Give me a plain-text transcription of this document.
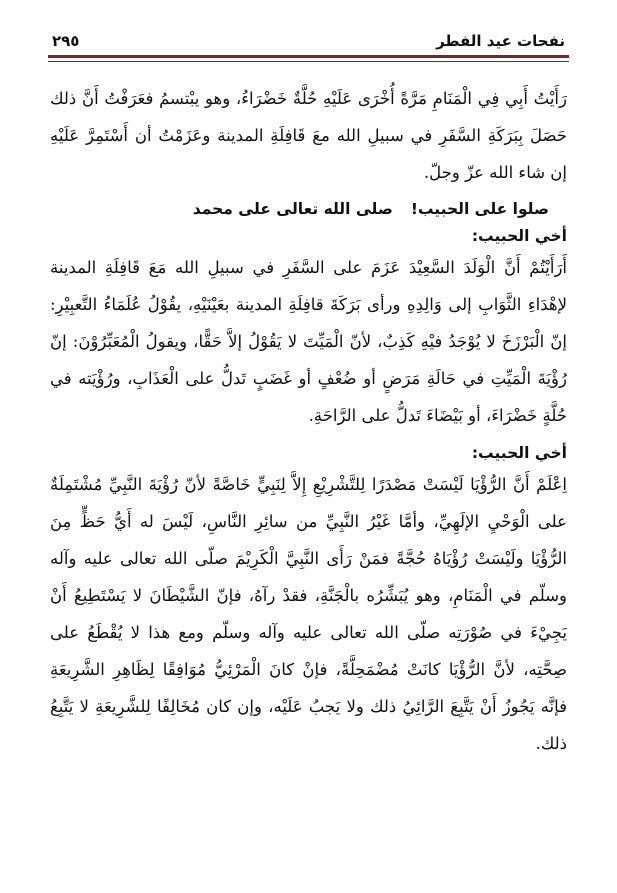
نفحات عيد الفطر
٢٩٥

رَأَيْتُ أَبِي فِي الْمَنَامِ مَرَّةً أُخْرَى عَلَيْهِ حُلَّةٌ خَضْرَاءُ، وهو يبْتسمُ فعَرَفْتُ أَنَّ ذلك حَصَلَ بِبَرَكَةِ السَّفَرِ في سبيلِ الله معَ قَافِلَةِ المدينة وعَزَمْتُ أن أَسْتَمِرَّ عَلَيْهِ إن شاء الله عزّ وجلّ.

صلوا على الحبيب!صلى الله تعالى على محمد

أخي الحبيب:

أَرَأَيْتُمْ أَنَّ الْوَلَدَ السَّعِيْدَ عَزَمَ على السَّفَرِ في سبيلِ الله مَعَ قَافِلَةِ المدينة لإهْدَاءِ الثَّوَابِ إلى وَالِدِهِ ورأى بَرَكَةَ قافِلَةِ المدينة بعَيْنَيْهِ، يقُوْلُ عُلَمَاءُ التَّعبِيْرِ: إنّ الْبَرْزَخَ لا يُوْجَدُ فيْهِ كَذِبٌ، لأنّ الْمَيِّتَ لا يَقُوْلُ إلاَّ حَقًّا، ويقولُ الْمُعَبِّرُوْنَ: إنّ رُؤْيَةَ الْمَيِّتِ في حَالَةِ مَرَضٍ أو ضُعْفٍ أو غَضَبٍ تَدلُّ على الْعَذَابِ، ورُؤْيَته في حُلَّةٍ خَضْرَاءَ، أو بَيْضَاءَ تَدلُّ على الرَّاحَةِ.

أخي الحبيب:

اِعْلَمْ أَنَّ الرُّؤْيَا لَيْسَتْ مَصْدَرًا لِلتَّشْرِيْعِ إِلاَّ لِنَبِيٍّ خَاصَّةً لأنّ رُؤْيَةَ النَّبِيِّ مُشْتَمِلَةٌ على الْوَحْيِ الإلَهِيِّ، وأمَّا غَيْرُ النَّبِيِّ من سائِرِ النَّاسِ، لَيْسَ له أَيُّ حَظٍّ مِنَ الرُّؤْيَا ولَيْسَتْ رُؤْيَاهُ حُجَّةً فمَنْ رَأَى النَّبِيَّ الْكَرِيْمَ صلّى الله تعالى عليه وآله وسلّم في الْمَنَامِ، وهو يُبَشِّرُه بالْجَنَّةِ، فقدْ رآهُ، فإنّ الشَّيْطَانَ لا يَسْتَطِيعُ أَنْ يَجِيْءَ في صُوْرَتِه صلّى الله تعالى عليه وآله وسلّم ومع هذا لا يُقْطَعُ على صِحَّتِه، لأنَّ الرُّؤْيَا كانَتْ مُضْمَحِلَّةً، فإنْ كانَ الْمَرْئِيُّ مُوَافِقًا لِظَاهِرِ الشَّرِيعَةِ فإنَّه يَجُوزُ أَنْ يَتَّبِعَ الرَّائِيُ ذلك ولا يَجبُ عَلَيْه، وإن كان مُخَالِفًا لِلشَّرِيعَةِ لا يَتَّبِعُ ذلك.
